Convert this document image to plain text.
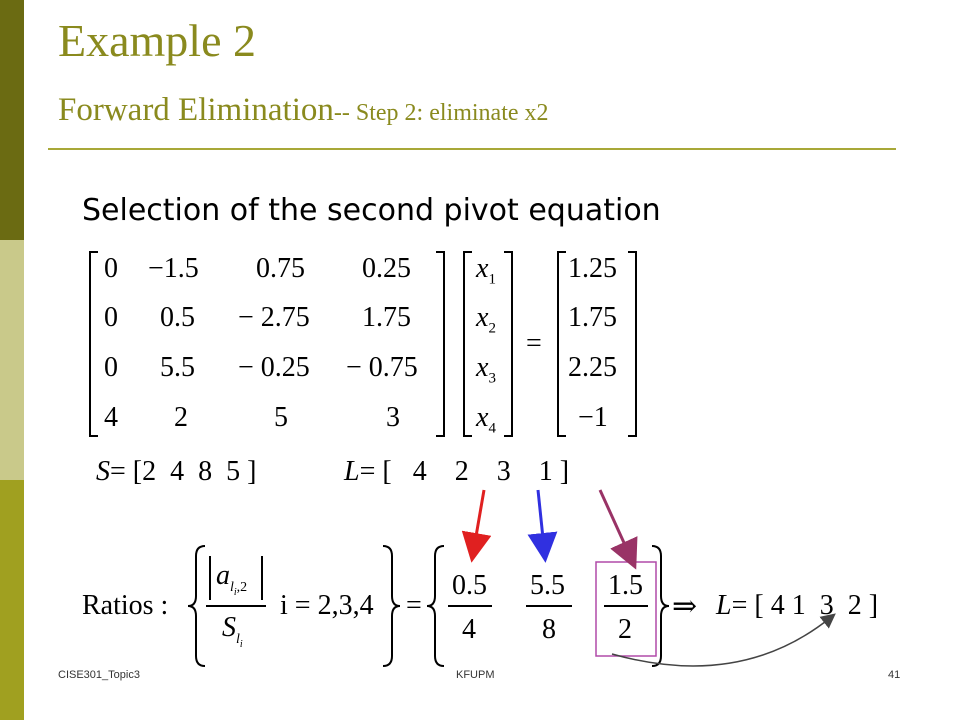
Example 2
Forward Elimination-- Step 2: eliminate x2
Selection of the second pivot equation
0 −1.5 0.75 0.25
0 0.5 − 2.75 1.75
0 5.5 − 0.25 − 0.75
4 2	5	3
$x_1$
$x_2$
$x_3$
$x_4$
=
1.25
1.75
2.25
−1
S= [2  4  8  5 ]	L= [   4    2    3    1 ]
Ratios :
$a_{l_i,2}$
$S_{l_i}$
i = 2,3,4 =
0.5
4
5.5
8
1.5
2
⇒ L= [ 4 1  3  2 ]
CISE301_Topic3	KFUPM	41
